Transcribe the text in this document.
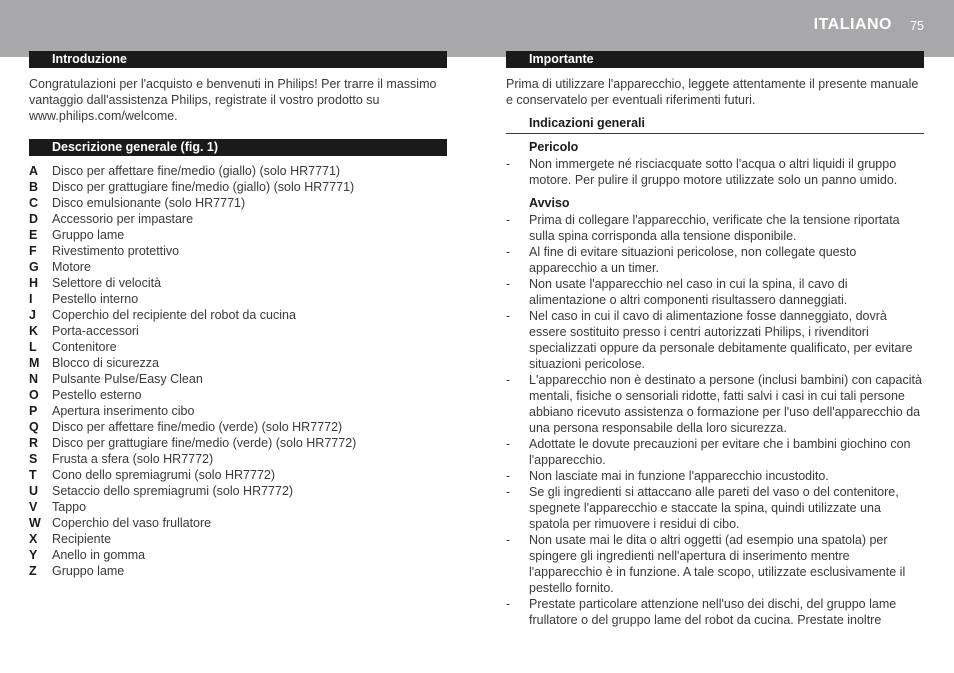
ITALIANO 75
Introduzione

Congratulazioni per l'acquisto e benvenuti in Philips! Per trarre il massimo vantaggio dall'assistenza Philips, registrate il vostro prodotto su www.philips.com/welcome.

Descrizione generale (fig. 1)
A Disco per affettare fine/medio (giallo) (solo HR7771)
B Disco per grattugiare fine/medio (giallo) (solo HR7771)
C Disco emulsionante (solo HR7771)
D Accessorio per impastare
E Gruppo lame
F Rivestimento protettivo
G Motore
H Selettore di velocità
I Pestello interno
J Coperchio del recipiente del robot da cucina
K Porta-accessori
L Contenitore
M Blocco di sicurezza
N Pulsante Pulse/Easy Clean
O Pestello esterno
P Apertura inserimento cibo
Q Disco per affettare fine/medio (verde) (solo HR7772)
R Disco per grattugiare fine/medio (verde) (solo HR7772)
S Frusta a sfera (solo HR7772)
T Cono dello spremiagrumi (solo HR7772)
U Setaccio dello spremiagrumi (solo HR7772)
V Tappo
W Coperchio del vaso frullatore
X Recipiente
Y Anello in gomma
Z Gruppo lame
Importante

Prima di utilizzare l'apparecchio, leggete attentamente il presente manuale e conservatelo per eventuali riferimenti futuri.

Indicazioni generali
Pericolo
- Non immergete né risciacquate sotto l'acqua o altri liquidi il gruppo motore. Per pulire il gruppo motore utilizzate solo un panno umido.
Avviso
- Prima di collegare l'apparecchio, verificate che la tensione riportata sulla spina corrisponda alla tensione disponibile.
- Al fine di evitare situazioni pericolose, non collegate questo apparecchio a un timer.
- Non usate l'apparecchio nel caso in cui la spina, il cavo di alimentazione o altri componenti risultassero danneggiati.
- Nel caso in cui il cavo di alimentazione fosse danneggiato, dovrà essere sostituito presso i centri autorizzati Philips, i rivenditori specializzati oppure da personale debitamente qualificato, per evitare situazioni pericolose.
- L'apparecchio non è destinato a persone (inclusi bambini) con capacità mentali, fisiche o sensoriali ridotte, fatti salvi i casi in cui tali persone abbiano ricevuto assistenza o formazione per l'uso dell'apparecchio da una persona responsabile della loro sicurezza.
- Adottate le dovute precauzioni per evitare che i bambini giochino con l'apparecchio.
- Non lasciate mai in funzione l'apparecchio incustodito.
- Se gli ingredienti si attaccano alle pareti del vaso o del contenitore, spegnete l'apparecchio e staccate la spina, quindi utilizzate una spatola per rimuovere i residui di cibo.
- Non usate mai le dita o altri oggetti (ad esempio una spatola) per spingere gli ingredienti nell'apertura di inserimento mentre l'apparecchio è in funzione. A tale scopo, utilizzate esclusivamente il pestello fornito.
- Prestate particolare attenzione nell'uso dei dischi, del gruppo lame frullatore o del gruppo lame del robot da cucina. Prestate inoltre
